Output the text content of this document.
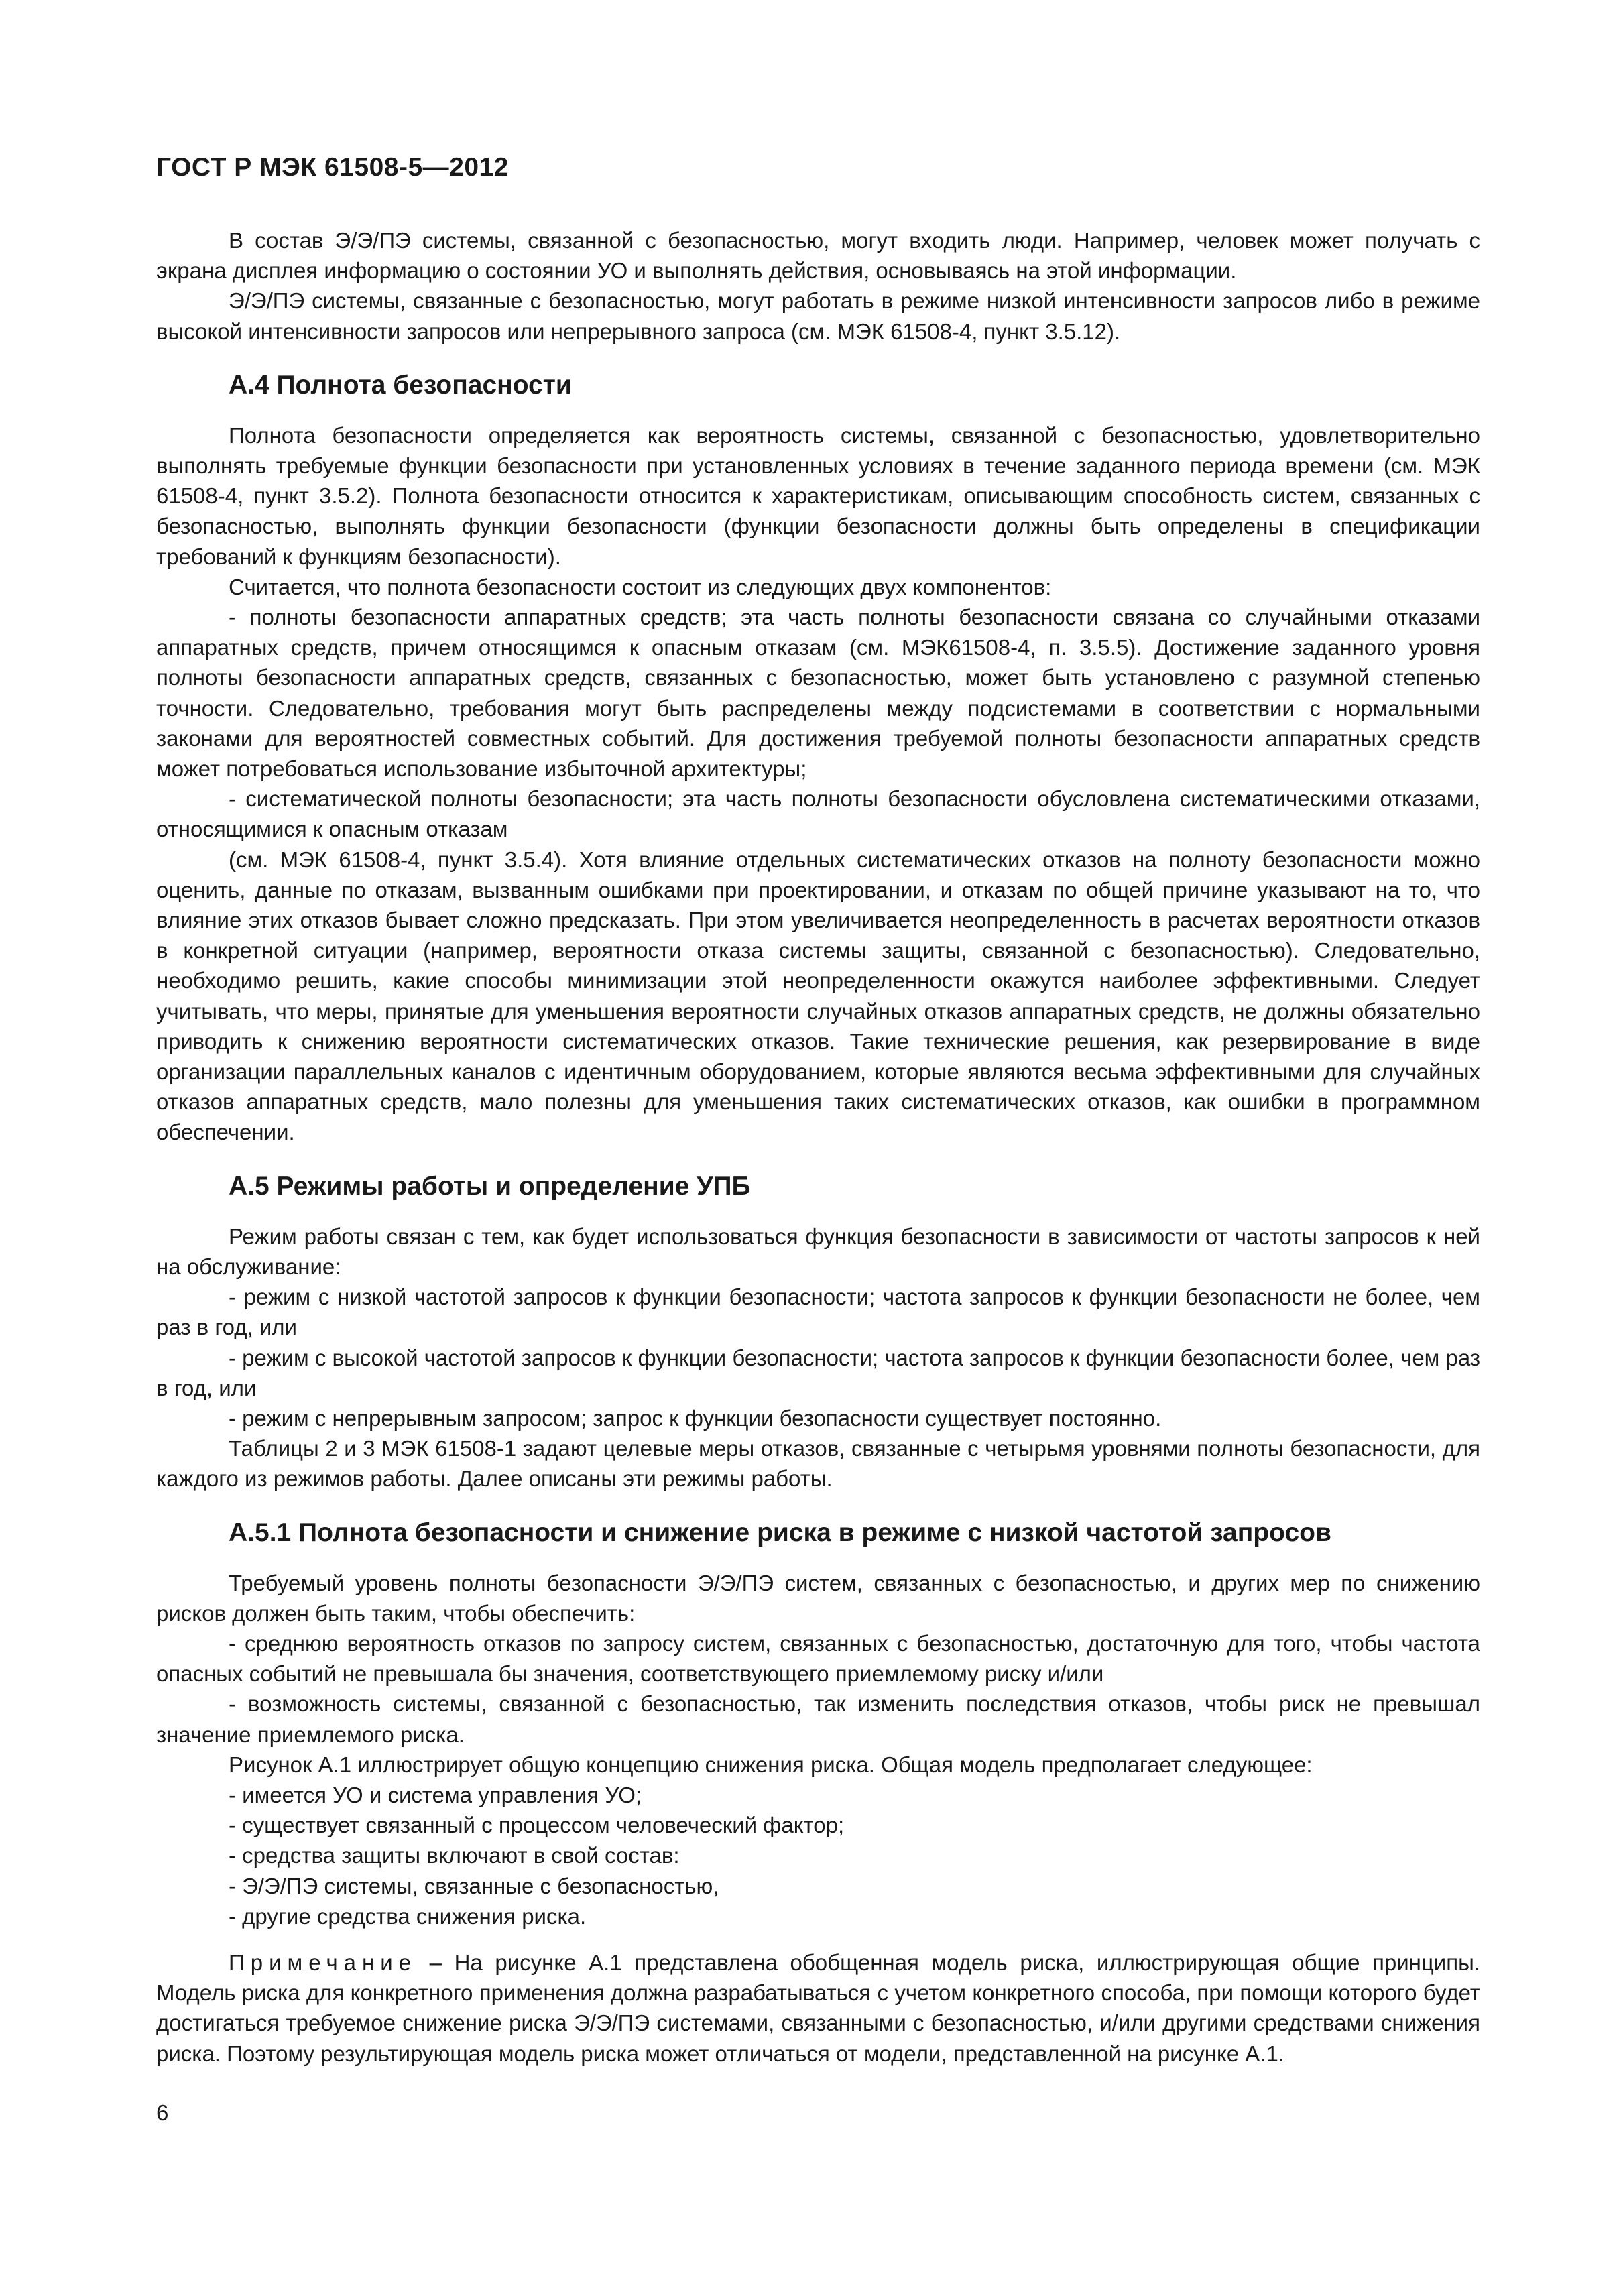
ГОСТ Р МЭК 61508-5—2012

В состав Э/Э/ПЭ системы, связанной с безопасностью, могут входить люди. Например, человек может получать с экрана дисплея информацию о состоянии УО и выполнять действия, основываясь на этой информации.

Э/Э/ПЭ системы, связанные с безопасностью, могут работать в режиме низкой интенсивности запросов либо в режиме высокой интенсивности запросов или непрерывного запроса (см. МЭК 61508-4, пункт 3.5.12).

А.4 Полнота безопасности

Полнота безопасности определяется как вероятность системы, связанной с безопасностью, удовлетворительно выполнять требуемые функции безопасности при установленных условиях в течение заданного периода времени (см. МЭК 61508-4, пункт 3.5.2). Полнота безопасности относится к характеристикам, описывающим способность систем, связанных с безопасностью, выполнять функции безопасности (функции безопасности должны быть определены в спецификации требований к функциям безопасности).

Считается, что полнота безопасности состоит из следующих двух компонентов:

- полноты безопасности аппаратных средств; эта часть полноты безопасности связана со случайными отказами аппаратных средств, причем относящимся к опасным отказам (см. МЭК61508-4, п. 3.5.5). Достижение заданного уровня полноты безопасности аппаратных средств, связанных с безопасностью, может быть установлено с разумной степенью точности. Следовательно, требования могут быть распределены между подсистемами в соответствии с нормальными законами для вероятностей совместных событий. Для достижения требуемой полноты безопасности аппаратных средств может потребоваться использование избыточной архитектуры;

- систематической полноты безопасности; эта часть полноты безопасности обусловлена систематическими отказами, относящимися к опасным отказам

(см. МЭК 61508-4, пункт 3.5.4). Хотя влияние отдельных систематических отказов на полноту безопасности можно оценить, данные по отказам, вызванным ошибками при проектировании, и отказам по общей причине указывают на то, что влияние этих отказов бывает сложно предсказать. При этом увеличивается неопределенность в расчетах вероятности отказов в конкретной ситуации (например, вероятности отказа системы защиты, связанной с безопасностью). Следовательно, необходимо решить, какие способы минимизации этой неопределенности окажутся наиболее эффективными. Следует учитывать, что меры, принятые для уменьшения вероятности случайных отказов аппаратных средств, не должны обязательно приводить к снижению вероятности систематических отказов. Такие технические решения, как резервирование в виде организации параллельных каналов с идентичным оборудованием, которые являются весьма эффективными для случайных отказов аппаратных средств, мало полезны для уменьшения таких систематических отказов, как ошибки в программном обеспечении.

А.5 Режимы работы и определение УПБ

Режим работы связан с тем, как будет использоваться функция безопасности в зависимости от частоты запросов к ней на обслуживание:

- режим с низкой частотой запросов к функции безопасности; частота запросов к функции безопасности не более, чем раз в год, или

- режим с высокой частотой запросов к функции безопасности; частота запросов к функции безопасности более, чем раз в год, или

- режим с непрерывным запросом; запрос к функции безопасности существует постоянно.

Таблицы 2 и 3 МЭК 61508-1 задают целевые меры отказов, связанные с четырьмя уровнями полноты безопасности, для каждого из режимов работы. Далее описаны эти режимы работы.

А.5.1 Полнота безопасности и снижение риска в режиме с низкой частотой запросов

Требуемый уровень полноты безопасности Э/Э/ПЭ систем, связанных с безопасностью, и других мер по снижению рисков должен быть таким, чтобы обеспечить:

- среднюю вероятность отказов по запросу систем, связанных с безопасностью, достаточную для того, чтобы частота опасных событий не превышала бы значения, соответствующего приемлемому риску и/или

- возможность системы, связанной с безопасностью, так изменить последствия отказов, чтобы риск не превышал значение приемлемого риска.

Рисунок А.1 иллюстрирует общую концепцию снижения риска. Общая модель предполагает следующее:

- имеется УО и система управления УО;

- существует связанный с процессом человеческий фактор;

- средства защиты включают в свой состав:

- Э/Э/ПЭ системы, связанные с безопасностью,

- другие средства снижения риска.

Примечание – На рисунке А.1 представлена обобщенная модель риска, иллюстрирующая общие принципы. Модель риска для конкретного применения должна разрабатываться с учетом конкретного способа, при помощи которого будет достигаться требуемое снижение риска Э/Э/ПЭ системами, связанными с безопасностью, и/или другими средствами снижения риска. Поэтому результирующая модель риска может отличаться от модели, представленной на рисунке А.1.

6
